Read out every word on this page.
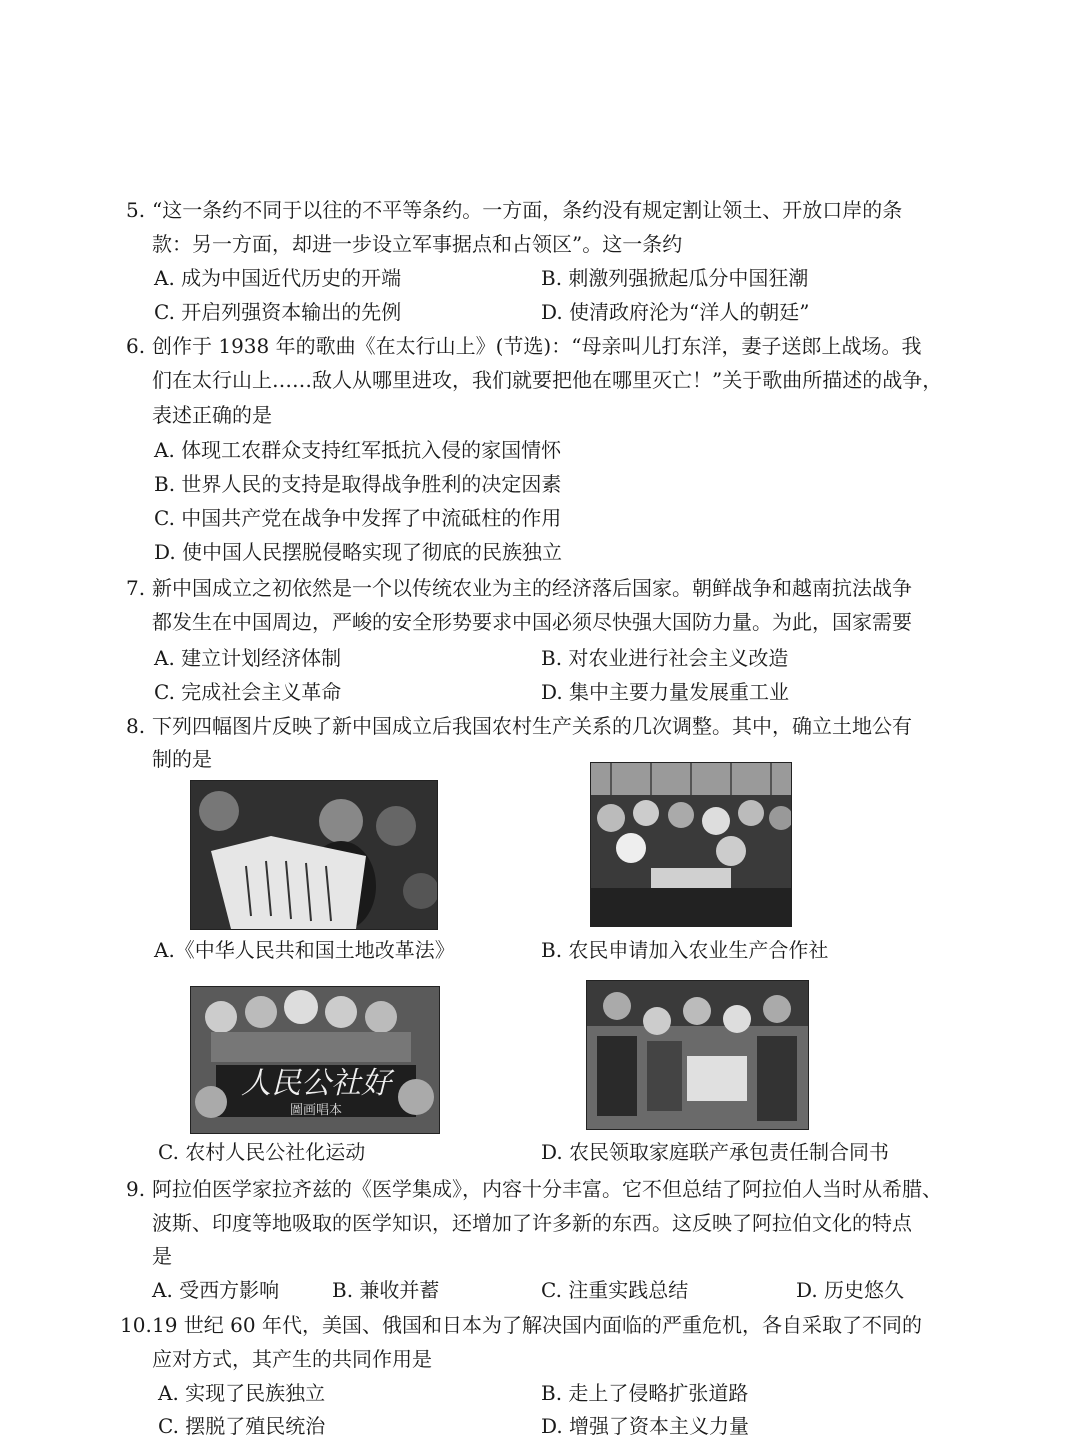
5. “这一条约不同于以往的不平等条约。一方面，条约没有规定割让领土、开放口岸的条
款：另一方面，却进一步设立军事据点和占领区”。这一条约
A. 成为中国近代历史的开端	B. 刺激列强掀起瓜分中国狂潮
C. 开启列强资本输出的先例	D. 使清政府沦为“洋人的朝廷”
6. 创作于 1938 年的歌曲《在太行山上》(节选)：“母亲叫儿打东洋，妻子送郎上战场。我
们在太行山上……敌人从哪里进攻，我们就要把他在哪里灭亡！”关于歌曲所描述的战争，
表述正确的是
A. 体现工农群众支持红军抵抗入侵的家国情怀
B. 世界人民的支持是取得战争胜利的决定因素
C. 中国共产党在战争中发挥了中流砥柱的作用
D. 使中国人民摆脱侵略实现了彻底的民族独立
7. 新中国成立之初依然是一个以传统农业为主的经济落后国家。朝鲜战争和越南抗法战争
都发生在中国周边，严峻的安全形势要求中国必须尽快强大国防力量。为此，国家需要
A. 建立计划经济体制	B. 对农业进行社会主义改造
C. 完成社会主义革命	D. 集中主要力量发展重工业
8. 下列四幅图片反映了新中国成立后我国农村生产关系的几次调整。其中，确立土地公有
制的是
A.《中华人民共和国土地改革法》	B. 农民申请加入农业生产合作社
人民公社好
圖画唱本
C. 农村人民公社化运动	D. 农民领取家庭联产承包责任制合同书
9. 阿拉伯医学家拉齐兹的《医学集成》，内容十分丰富。它不但总结了阿拉伯人当时从希腊、
波斯、印度等地吸取的医学知识，还增加了许多新的东西。这反映了阿拉伯文化的特点
是
A. 受西方影响	B. 兼收并蓄	C. 注重实践总结	D. 历史悠久
10. 19 世纪 60 年代，美国、俄国和日本为了解决国内面临的严重危机，各自采取了不同的
应对方式，其产生的共同作用是
A. 实现了民族独立	B. 走上了侵略扩张道路
C. 摆脱了殖民统治	D. 增强了资本主义力量
